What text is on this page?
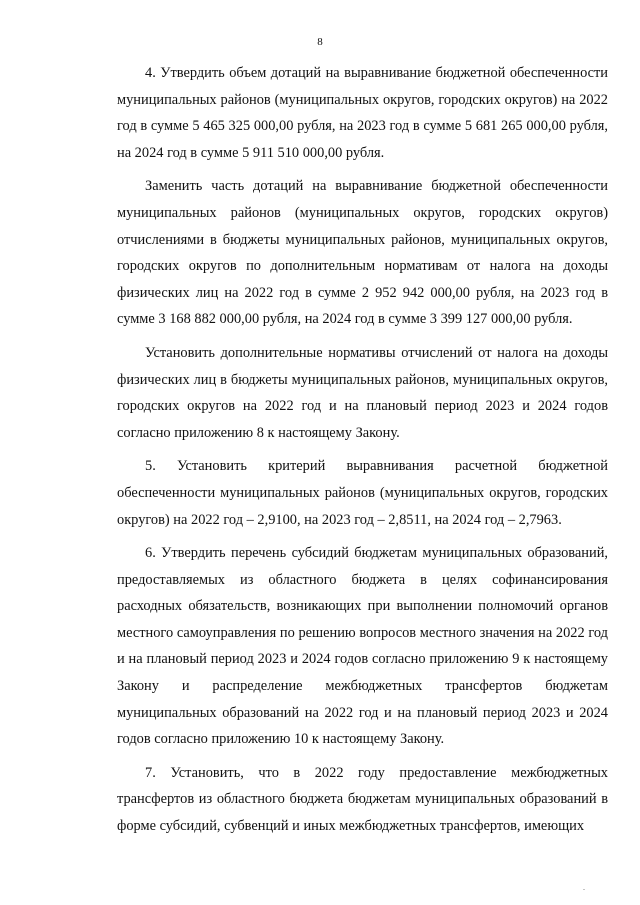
8

4. Утвердить объем дотаций на выравнивание бюджетной обеспеченности муниципальных районов (муниципальных округов, городских округов) на 2022 год в сумме 5 465 325 000,00 рубля, на 2023 год в сумме 5 681 265 000,00 рубля, на 2024 год в сумме 5 911 510 000,00 рубля.

Заменить часть дотаций на выравнивание бюджетной обеспеченности муниципальных районов (муниципальных округов, городских округов) отчислениями в бюджеты муниципальных районов, муниципальных округов, городских округов по дополнительным нормативам от налога на доходы физических лиц на 2022 год в сумме 2 952 942 000,00 рубля, на 2023 год в сумме 3 168 882 000,00 рубля, на 2024 год в сумме 3 399 127 000,00 рубля.

Установить дополнительные нормативы отчислений от налога на доходы физических лиц в бюджеты муниципальных районов, муниципальных округов, городских округов на 2022 год и на плановый период 2023 и 2024 годов согласно приложению 8 к настоящему Закону.

5. Установить критерий выравнивания расчетной бюджетной обеспеченности муниципальных районов (муниципальных округов, городских округов) на 2022 год – 2,9100, на 2023 год – 2,8511, на 2024 год – 2,7963.

6. Утвердить перечень субсидий бюджетам муниципальных образований, предоставляемых из областного бюджета в целях софинансирования расходных обязательств, возникающих при выполнении полномочий органов местного самоуправления по решению вопросов местного значения на 2022 год и на плановый период 2023 и 2024 годов согласно приложению 9 к настоящему Закону и распределение межбюджетных трансфертов бюджетам муниципальных образований на 2022 год и на плановый период 2023 и 2024 годов согласно приложению 10 к настоящему Закону.

7. Установить, что в 2022 году предоставление межбюджетных трансфертов из областного бюджета бюджетам муниципальных образований в форме субсидий, субвенций и иных межбюджетных трансфертов, имеющих

.
